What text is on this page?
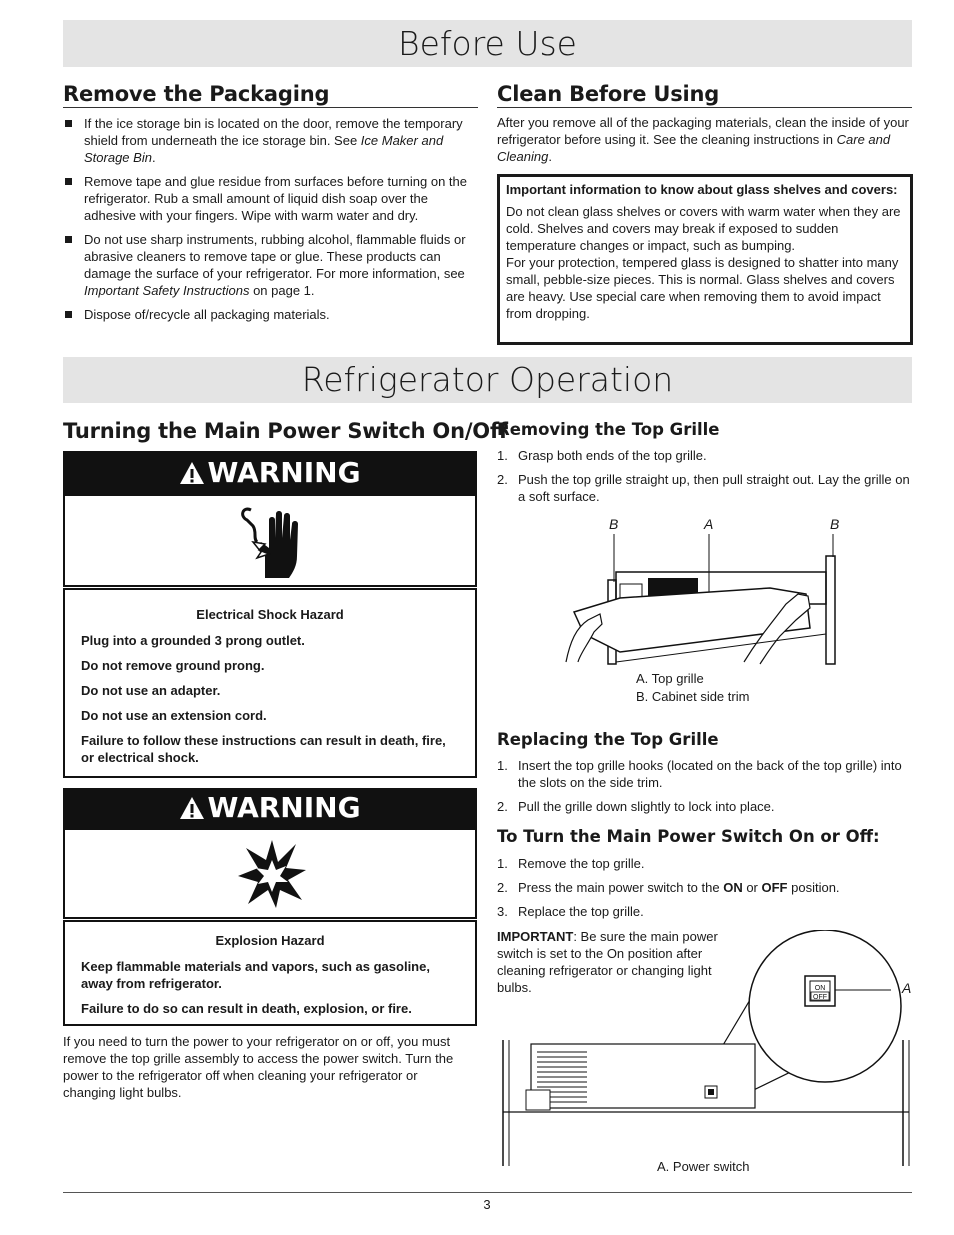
Before Use
Remove the Packaging
If the ice storage bin is located on the door, remove the temporary shield from underneath the ice storage bin. See Ice Maker and Storage Bin.
Remove tape and glue residue from surfaces before turning on the refrigerator. Rub a small amount of liquid dish soap over the adhesive with your fingers. Wipe with warm water and dry.
Do not use sharp instruments, rubbing alcohol, flammable fluids or abrasive cleaners to remove tape or glue. These products can damage the surface of your refrigerator. For more information, see Important Safety Instructions on page 1.
Dispose of/recycle all packaging materials.
Clean Before Using
After you remove all of the packaging materials, clean the inside of your refrigerator before using it. See the cleaning instructions in Care and Cleaning.
Important information to know about glass shelves and covers:
Do not clean glass shelves or covers with warm water when they are cold. Shelves and covers may break if exposed to sudden temperature changes or impact, such as bumping.
For your protection, tempered glass is designed to shatter into many small, pebble-size pieces. This is normal. Glass shelves and covers are heavy. Use special care when removing them to avoid impact from dropping.
Refrigerator Operation
Turning the Main Power Switch On/Off
WARNING

Electrical Shock Hazard

Plug into a grounded 3 prong outlet.

Do not remove ground prong.

Do not use an adapter.

Do not use an extension cord.

Failure to follow these instructions can result in death, fire, or electrical shock.

WARNING

Explosion Hazard

Keep flammable materials and vapors, such as gasoline, away from refrigerator.

Failure to do so can result in death, explosion, or fire.

If you need to turn the power to your refrigerator on or off, you must remove the top grille assembly to access the power switch. Turn the power to the refrigerator off when cleaning your refrigerator or changing light bulbs.
Removing the Top Grille
1. Grasp both ends of the top grille.
2. Push the top grille straight up, then pull straight out. Lay the grille on a soft surface.
B	A	B
A. Top grille
B. Cabinet side trim
Replacing the Top Grille
1. Insert the top grille hooks (located on the back of the top grille) into the slots on the side trim.
2. Pull the grille down slightly to lock into place.
To Turn the Main Power Switch On or Off:
1. Remove the top grille.
2. Press the main power switch to the ON or OFF position.
3. Replace the top grille.
IMPORTANT: Be sure the main power switch is set to the On position after cleaning refrigerator or changing light bulbs.	ON
OFF
A
A. Power switch
3
